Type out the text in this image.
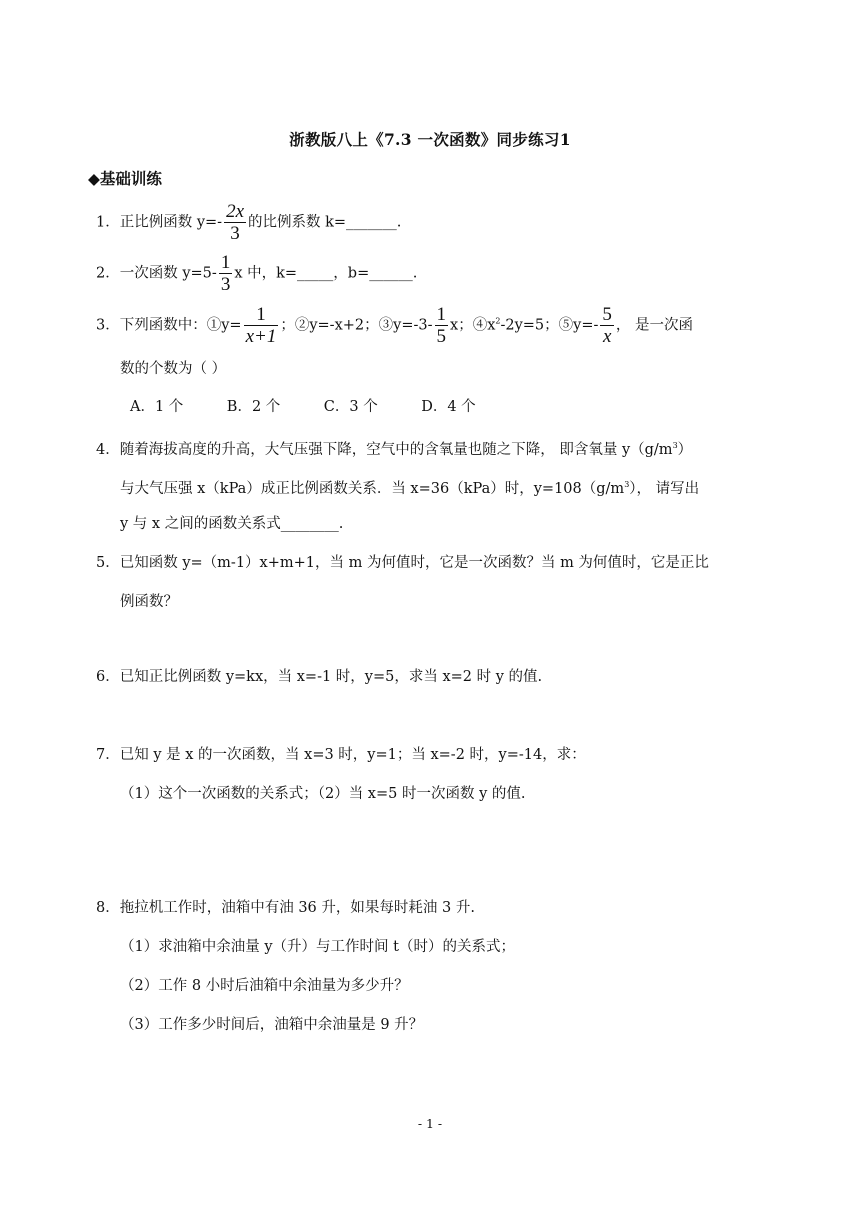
浙教版八上《7.3 一次函数》同步练习1
◆基础训练
1．正比例函数 $y=- \frac{2x}{3}$ 的比例系数 k=_______.
2．一次函数 $y=5- \frac{1}{3}$ x 中，k=_____，b=______.
3．下列函数中：①y= $\frac{1}{x+1}$ ；②y=-x+2；③y=-3- $\frac{1}{5}$ x；$④x^2-2y=5$；⑤y=- $\frac{5}{x}$ ， 是一次函
数的个数为（ ）
A．1 个　　　B．2 个　　　C．3 个　　　D．4 个
4．随着海拔高度的升高，大气压强下降，空气中的含氧量也随之下降， 即含氧量 $y(g/m^3)$
与大气压强 x（kPa）成正比例函数关系．当 x=36（kPa）时，$y=108(g/m^3)$， 请写出
y 与 x 之间的函数关系式________.
5．已知函数 y=（m-1）x+m+1，当 m 为何值时，它是一次函数？当 m 为何值时，它是正比
例函数？
6．已知正比例函数 y=kx，当 x=-1 时，y=5，求当 x=2 时 y 的值.
7．已知 y 是 x 的一次函数，当 x=3 时，y=1；当 x=-2 时，y=-14，求：
（1）这个一次函数的关系式；（2）当 x=5 时一次函数 y 的值.
8．拖拉机工作时，油箱中有油 36 升，如果每时耗油 3 升.
（1）求油箱中余油量 y（升）与工作时间 t（时）的关系式；
（2）工作 8 小时后油箱中余油量为多少升？
（3）工作多少时间后，油箱中余油量是 9 升？
- 1 -
